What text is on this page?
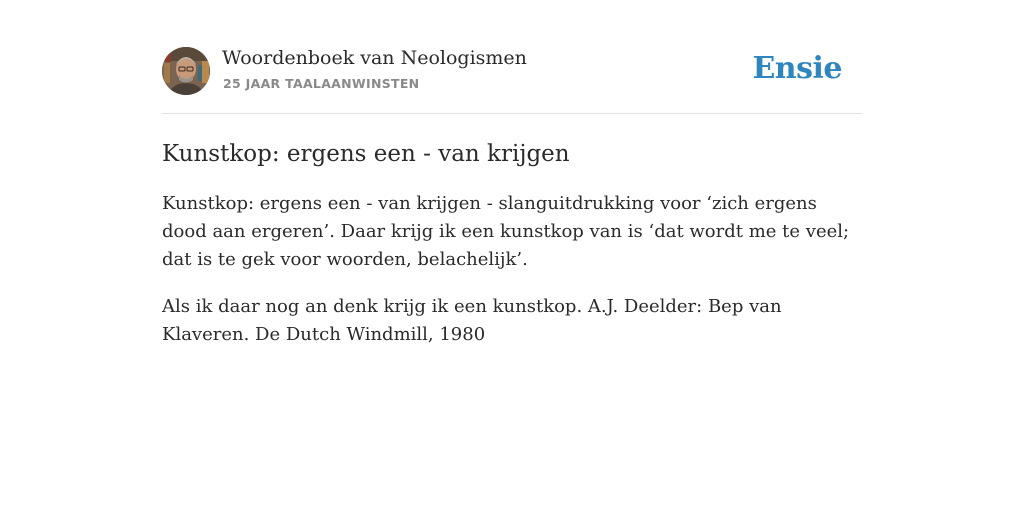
Woordenboek van Neologismen
25 JAAR TAALAANWINSTEN	Ensie
Kunstkop: ergens een - van krijgen

Kunstkop: ergens een - van krijgen - slanguitdrukking voor ‘zich ergens dood aan ergeren’. Daar krijg ik een kunstkop van is ‘dat wordt me te veel; dat is te gek voor woorden, belachelijk’.

Als ik daar nog an denk krijg ik een kunstkop. A.J. Deelder: Bep van Klaveren. De Dutch Windmill, 1980
